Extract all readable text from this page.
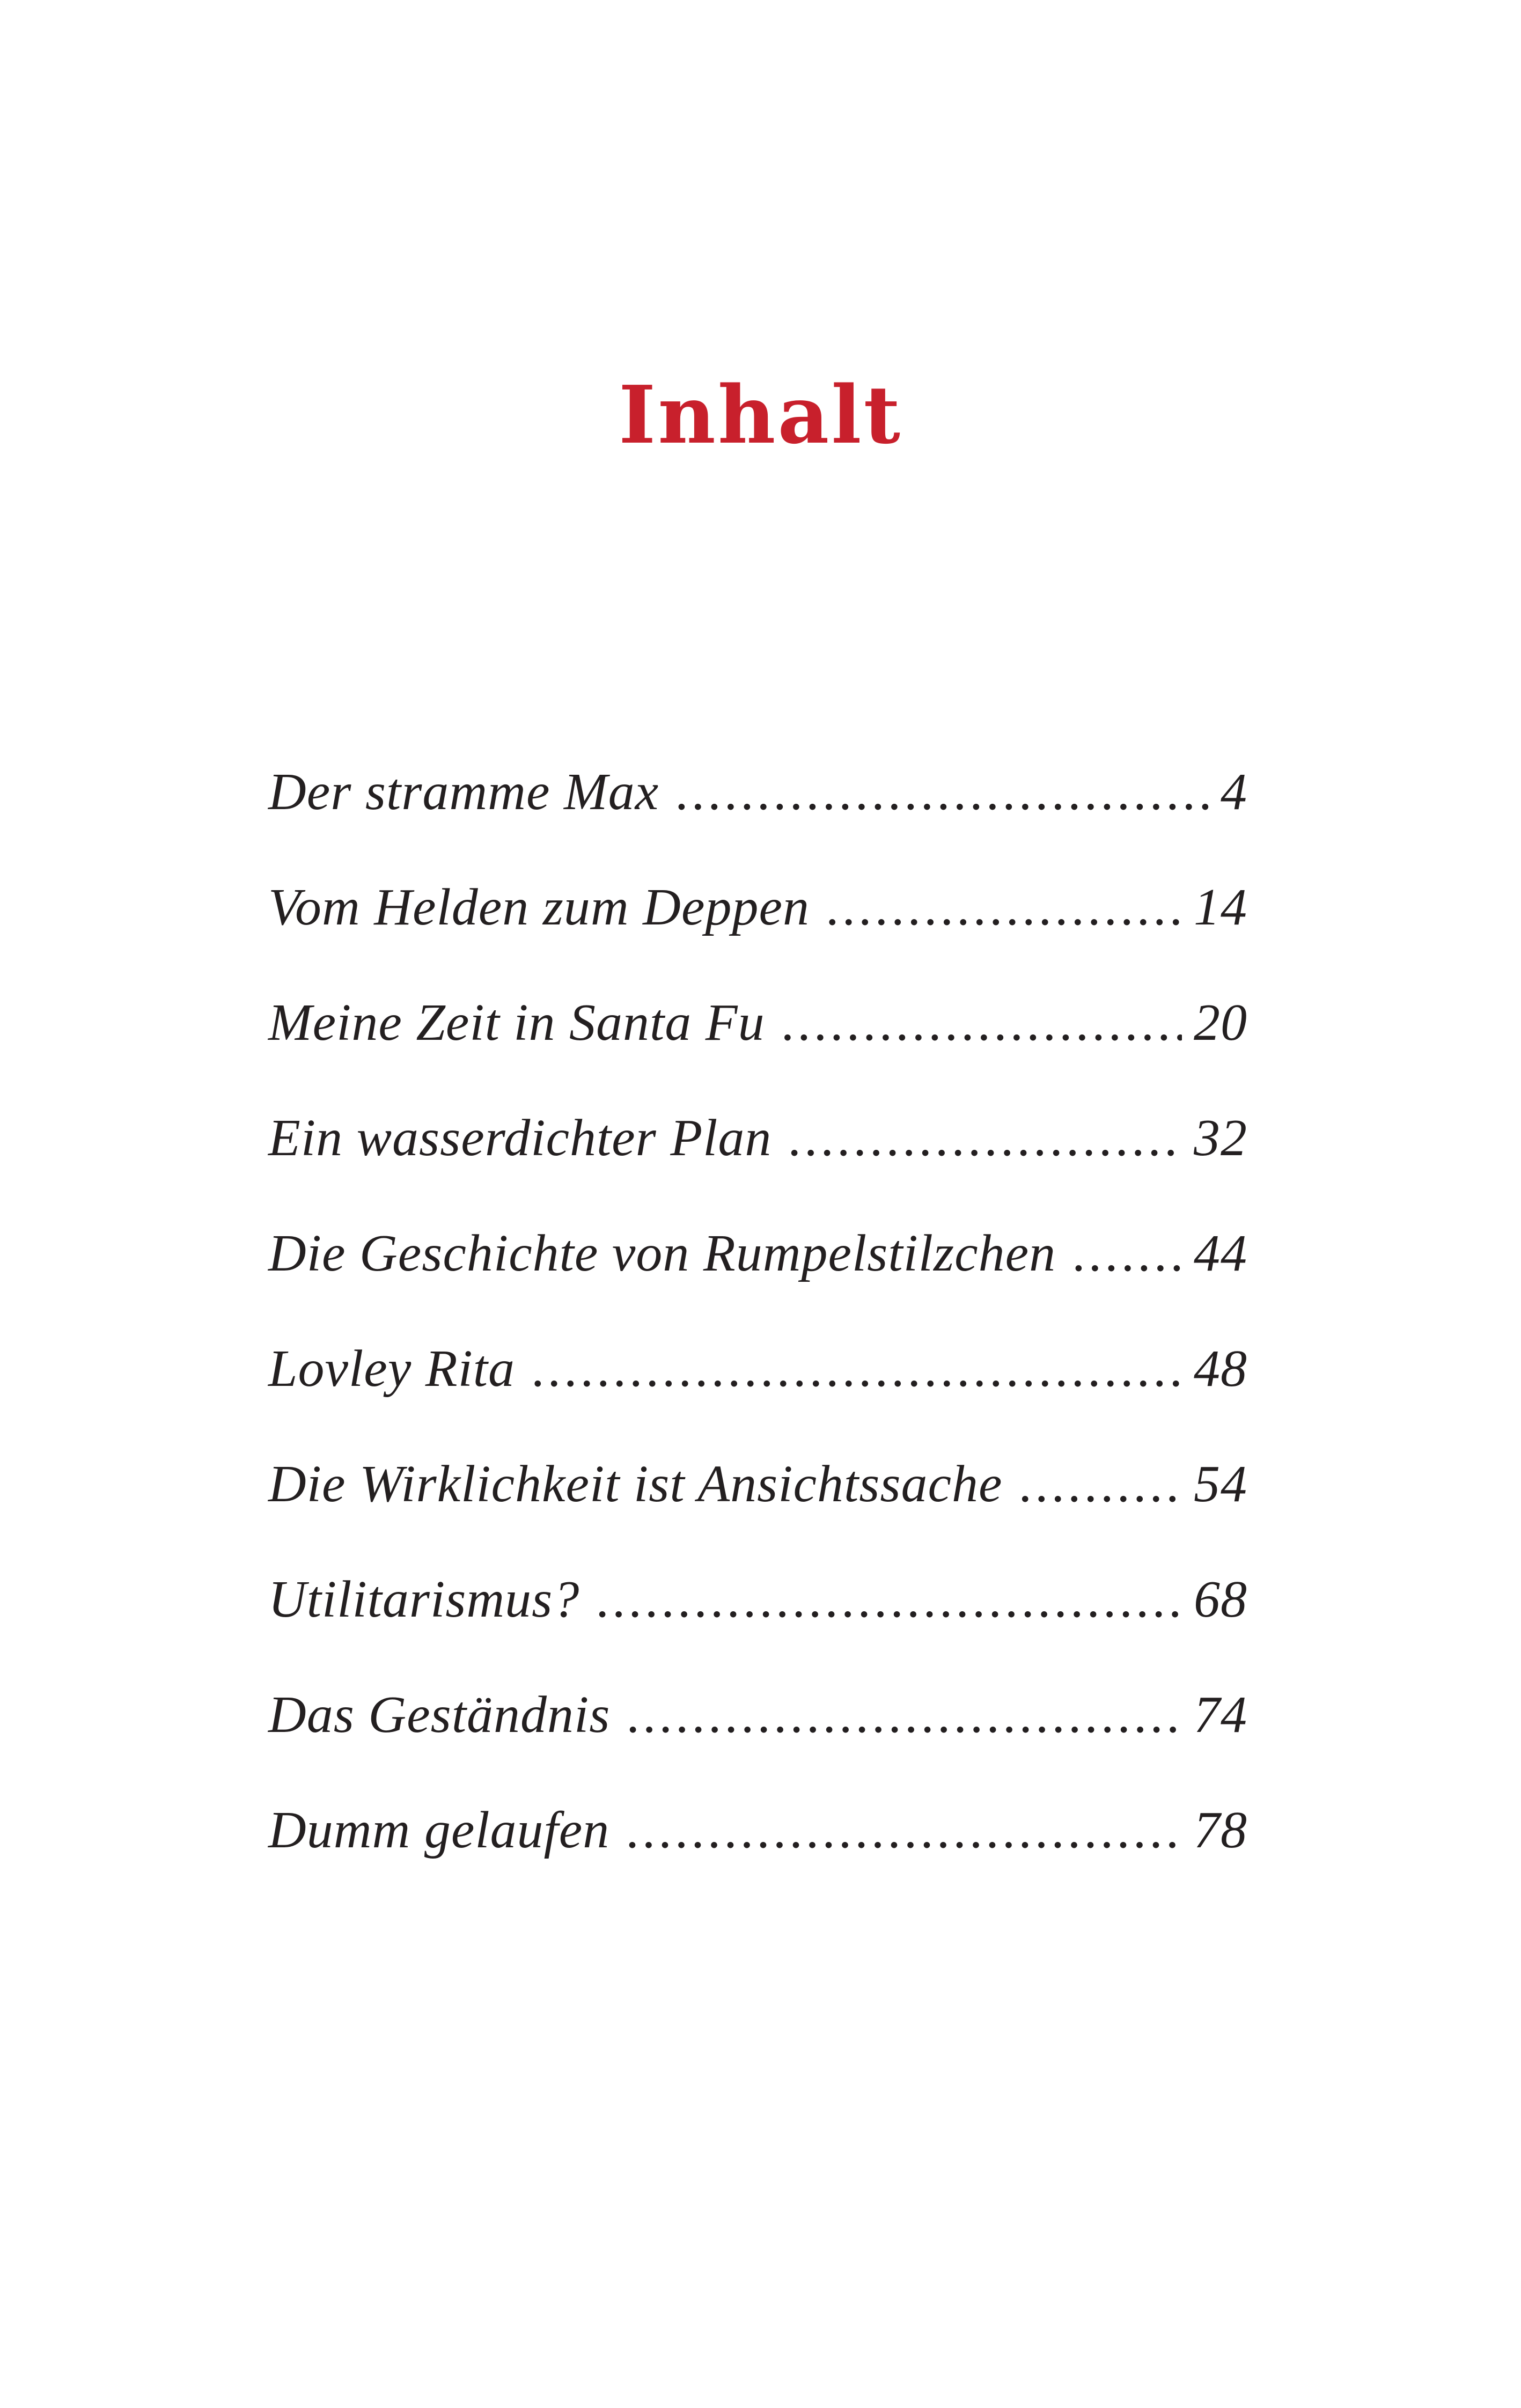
Inhalt
Der stramme Max .....	4
Vom Helden zum Deppen .....	14
Meine Zeit in Santa Fu .....	20
Ein wasserdichter Plan .....	32
Die Geschichte von Rumpelstilzchen .....	44
Lovley Rita .....	48
Die Wirklichkeit ist Ansichtssache .....	54
Utilitarismus? .....	68
Das Geständnis .....	74
Dumm gelaufen .....	78
